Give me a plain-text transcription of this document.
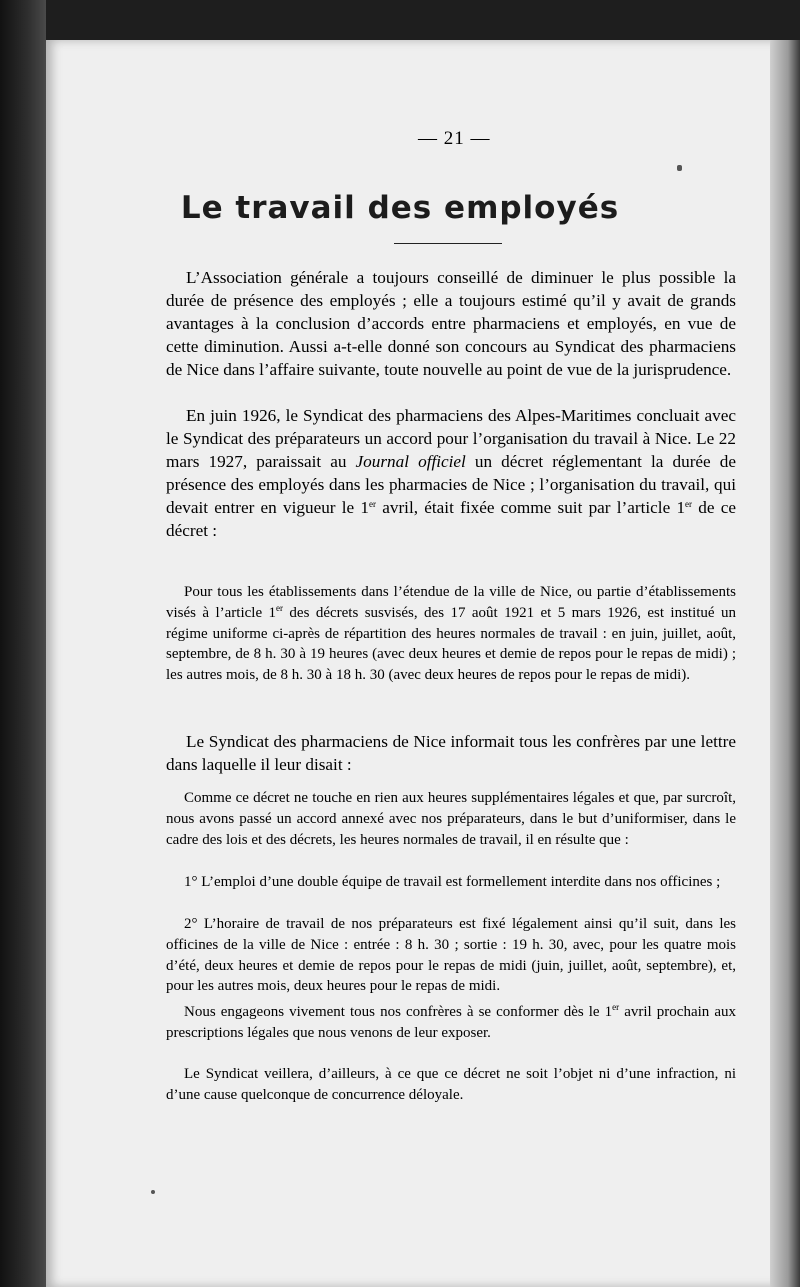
— 21 —
Le travail des employés
L’Association générale a toujours conseillé de diminuer le plus possible la durée de présence des employés ; elle a toujours estimé qu’il y avait de grands avantages à la conclusion d’accords entre pharmaciens et employés, en vue de cette diminution. Aussi a-t-elle donné son concours au Syndicat des pharmaciens de Nice dans l’affaire suivante, toute nouvelle au point de vue de la jurisprudence.
En juin 1926, le Syndicat des pharmaciens des Alpes-Maritimes concluait avec le Syndicat des préparateurs un accord pour l’organisation du travail à Nice. Le 22 mars 1927, paraissait au Journal officiel un décret réglementant la durée de présence des employés dans les pharmacies de Nice ; l’organisation du travail, qui devait entrer en vigueur le 1er avril, était fixée comme suit par l’article 1er de ce décret :
Pour tous les établissements dans l’étendue de la ville de Nice, ou partie d’établissements visés à l’article 1er des décrets susvisés, des 17 août 1921 et 5 mars 1926, est institué un régime uniforme ci-après de répartition des heures normales de travail : en juin, juillet, août, septembre, de 8 h. 30 à 19 heures (avec deux heures et demie de repos pour le repas de midi) ; les autres mois, de 8 h. 30 à 18 h. 30 (avec deux heures de repos pour le repas de midi).
Le Syndicat des pharmaciens de Nice informait tous les confrères par une lettre dans laquelle il leur disait :
Comme ce décret ne touche en rien aux heures supplémentaires légales et que, par surcroît, nous avons passé un accord annexé avec nos préparateurs, dans le but d’uniformiser, dans le cadre des lois et des décrets, les heures normales de travail, il en résulte que :
1° L’emploi d’une double équipe de travail est formellement interdite dans nos officines ;
2° L’horaire de travail de nos préparateurs est fixé légalement ainsi qu’il suit, dans les officines de la ville de Nice : entrée : 8 h. 30 ; sortie : 19 h. 30, avec, pour les quatre mois d’été, deux heures et demie de repos pour le repas de midi (juin, juillet, août, septembre), et, pour les autres mois, deux heures pour le repas de midi.
Nous engageons vivement tous nos confrères à se conformer dès le 1er avril prochain aux prescriptions légales que nous venons de leur exposer.
Le Syndicat veillera, d’ailleurs, à ce que ce décret ne soit l’objet ni d’une infraction, ni d’une cause quelconque de concurrence déloyale.
